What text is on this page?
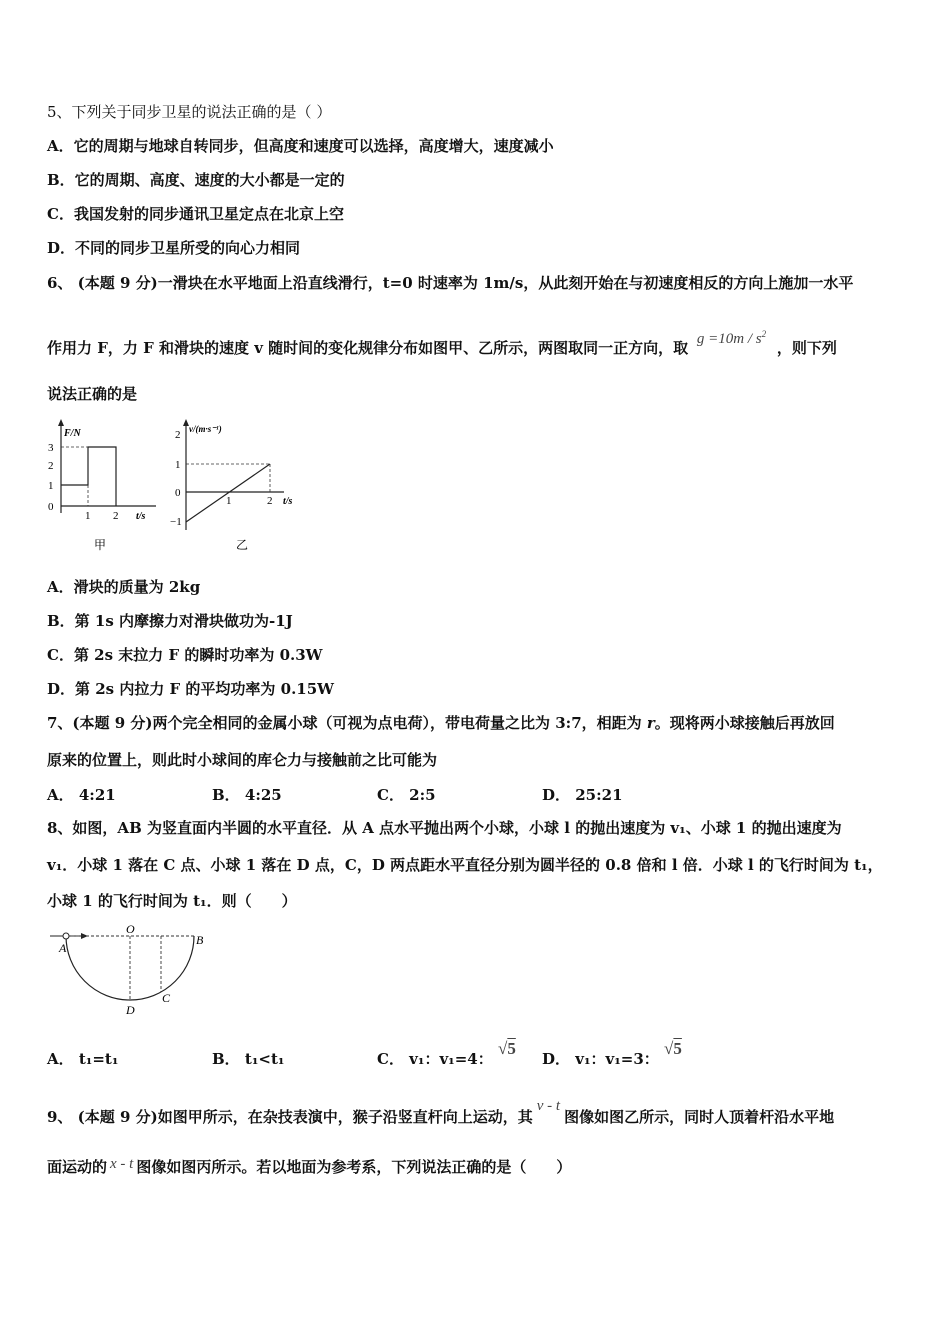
5、下列关于同步卫星的说法正确的是（ ）
A．它的周期与地球自转同步，但高度和速度可以选择，高度增大，速度减小
B．它的周期、高度、速度的大小都是一定的
C．我国发射的同步通讯卫星定点在北京上空
D．不同的同步卫星所受的向心力相同
6、 (本题 9 分)一滑块在水平地面上沿直线滑行，t=0 时速率为 1m/s，从此刻开始在与初速度相反的方向上施加一水平
作用力 F，力 F 和滑块的速度 v 随时间的变化规律分布如图甲、乙所示，两图取同一正方向，取 $g =10m / s^2$ ，则下列
说法正确的是
F/N
3
2
1
0
1 2 t/s
甲
v/(m·s⁻¹)
2
1
0
−1
1	2 t/s
乙
A．滑块的质量为 2kg
B．第 1s 内摩擦力对滑块做功为-1J
C．第 2s 末拉力 F 的瞬时功率为 0.3W
D．第 2s 内拉力 F 的平均功率为 0.15W
7、(本题 9 分)两个完全相同的金属小球（可视为点电荷），带电荷量之比为 3:7，相距为 r。现将两小球接触后再放回
原来的位置上，则此时小球间的库仑力与接触前之比可能为
A． 4:21	B． 4:25	C． 2:5	D． 25:21
8、如图，AB 为竖直面内半圆的水平直径．从 A 点水平抛出两个小球，小球 l 的抛出速度为 v₁、小球 1 的抛出速度为
v₁．小球 1 落在 C 点、小球 1 落在 D 点，C，D 两点距水平直径分别为圆半径的 0.8 倍和 l 倍．小球 l 的飞行时间为 t₁，
小球 1 的飞行时间为 t₁．则（　　）
A
O
B
C
D
A． t₁=t₁	B． t₁<t₁	C． v₁：v₁=4： √5
D． v₁：v₁=3： √5
9、 (本题 9 分)如图甲所示，在杂技表演中，猴子沿竖直杆向上运动，其v - t图像如图乙所示，同时人顶着杆沿水平地
面运动的 x - t 图像如图丙所示。若以地面为参考系，下列说法正确的是（　　）
